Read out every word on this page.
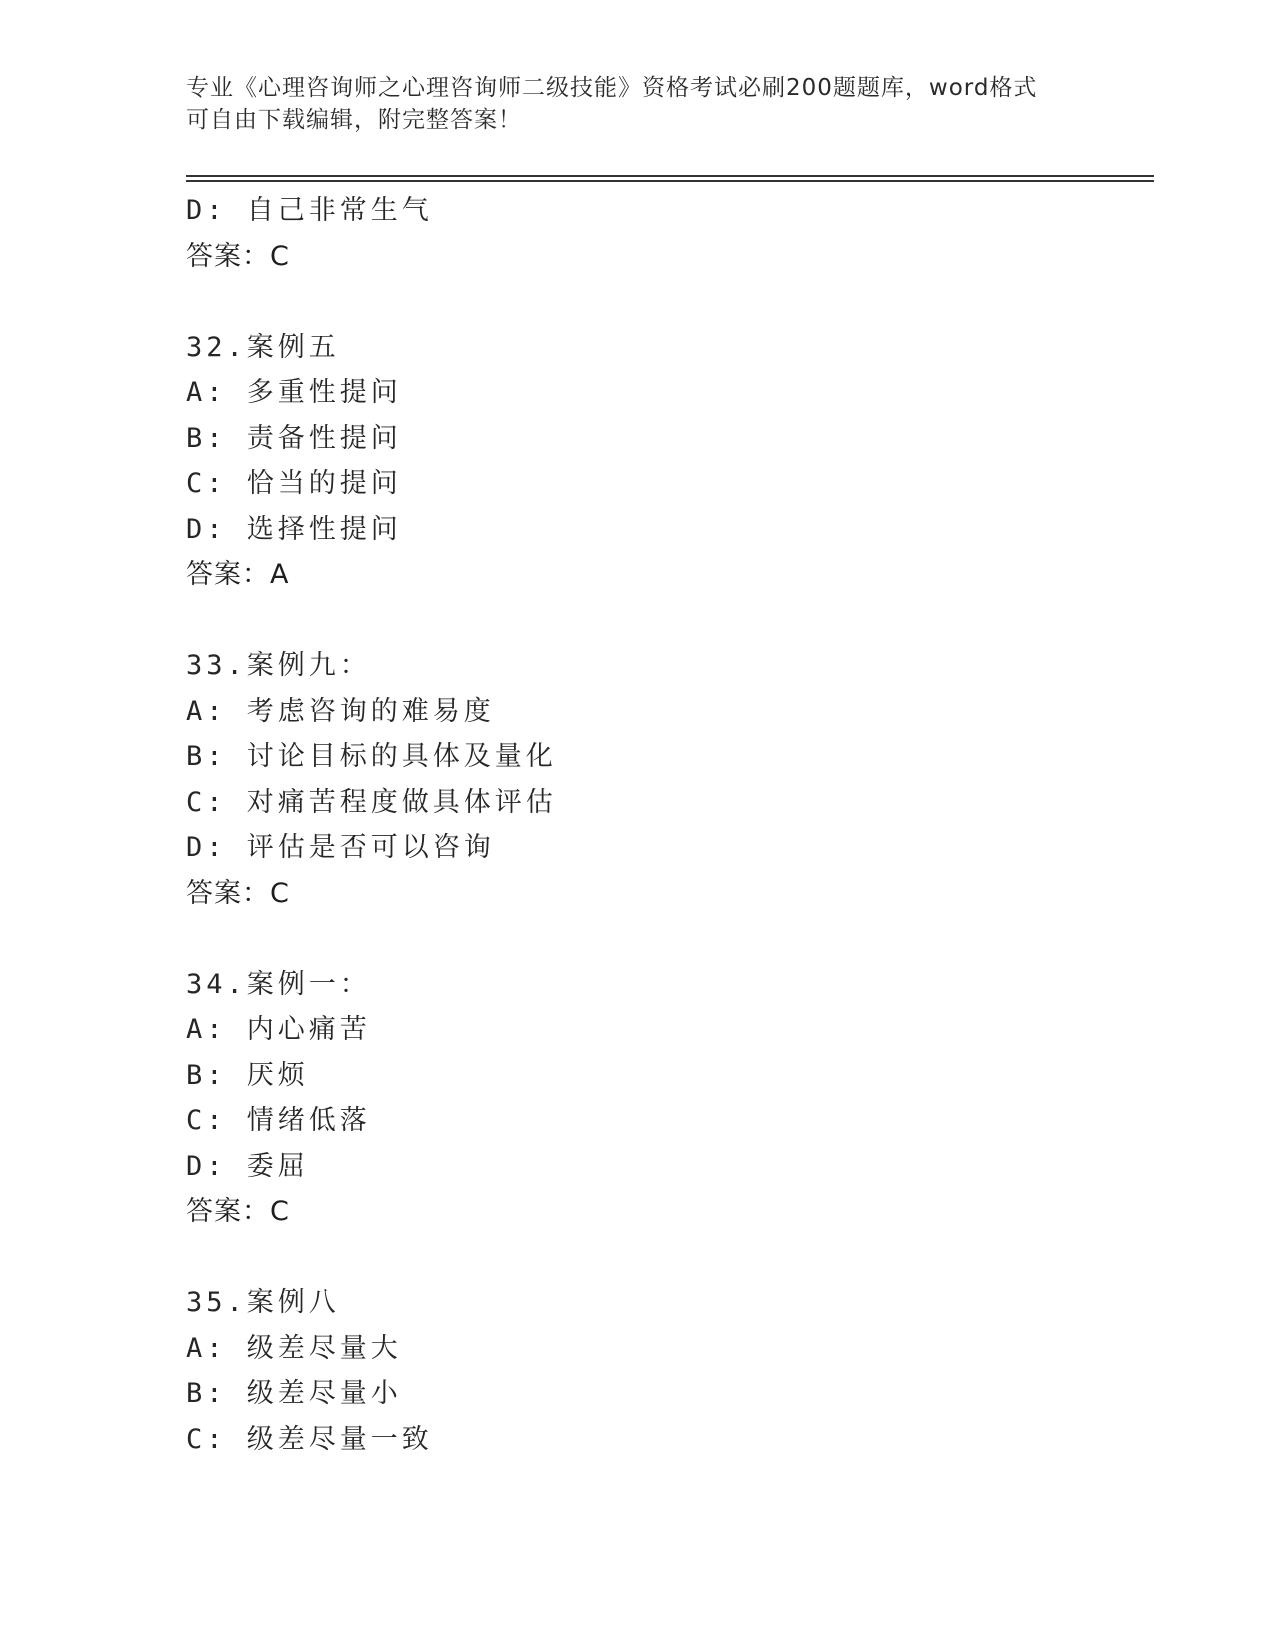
专业《心理咨询师之心理咨询师二级技能》资格考试必刷200题题库，word格式
可自由下载编辑，附完整答案！
D: 自己非常生气
答案：C
32.案例五
A: 多重性提问
B: 责备性提问
C: 恰当的提问
D: 选择性提问
答案：A
33.案例九：
A: 考虑咨询的难易度
B: 讨论目标的具体及量化
C: 对痛苦程度做具体评估
D: 评估是否可以咨询
答案：C
34.案例一：
A: 内心痛苦
B: 厌烦
C: 情绪低落
D: 委屈
答案：C
35.案例八
A: 级差尽量大
B: 级差尽量小
C: 级差尽量一致
